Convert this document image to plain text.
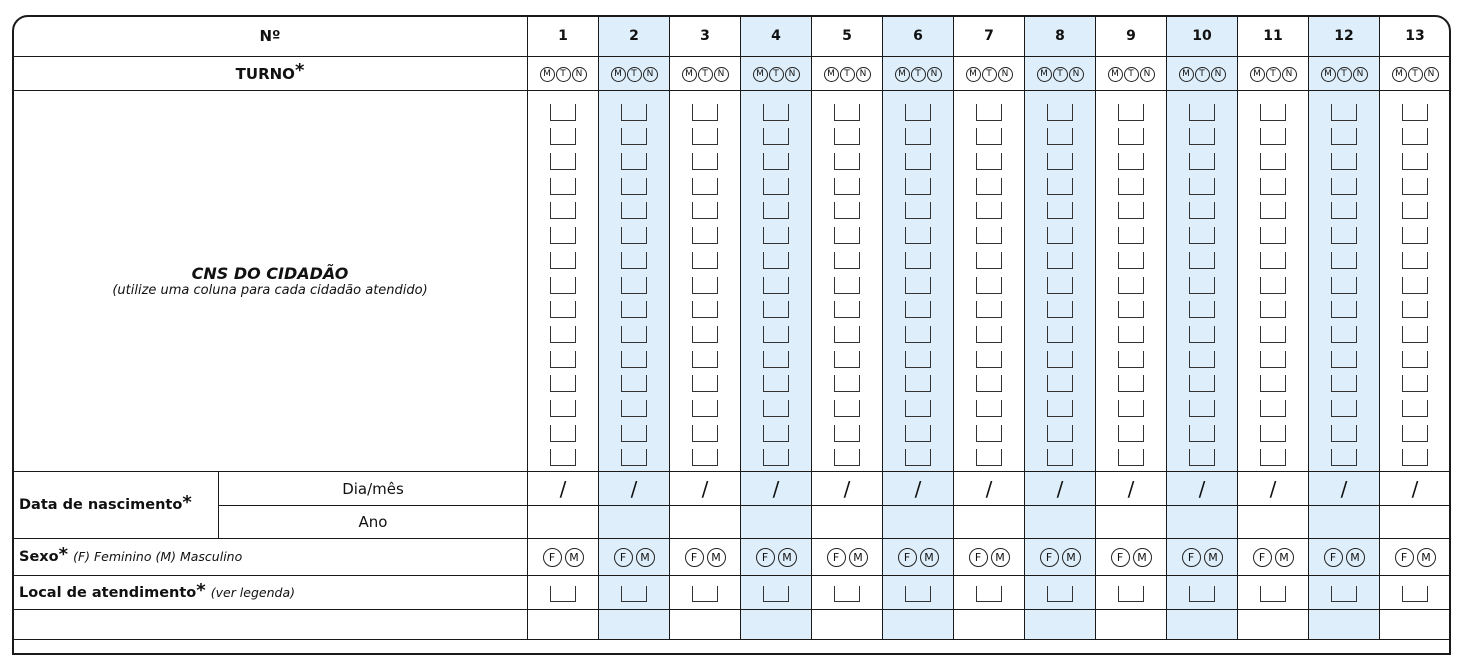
Nº		1	2	3	4	5	6	7	8	9	10	11	12	13
TURNO*		M T N	M T N	M T N	M T N	M T N	M T N	M T N	M T N	M T N	M T N	M T N	M T N	M T N

CNS DO CIDADÃO
(utilize uma coluna para cada cidadão atendido)														

Data de nascimento*	Dia/mês	/	/	/	/	/	/	/	/	/	/	/	/	/
	Ano													
Sexo* (F) Feminino (M) Masculino		F M	F M	F M	F M	F M	F M	F M	F M	F M	F M	F M	F M	F M
Local de atendimento* (ver legenda)														
